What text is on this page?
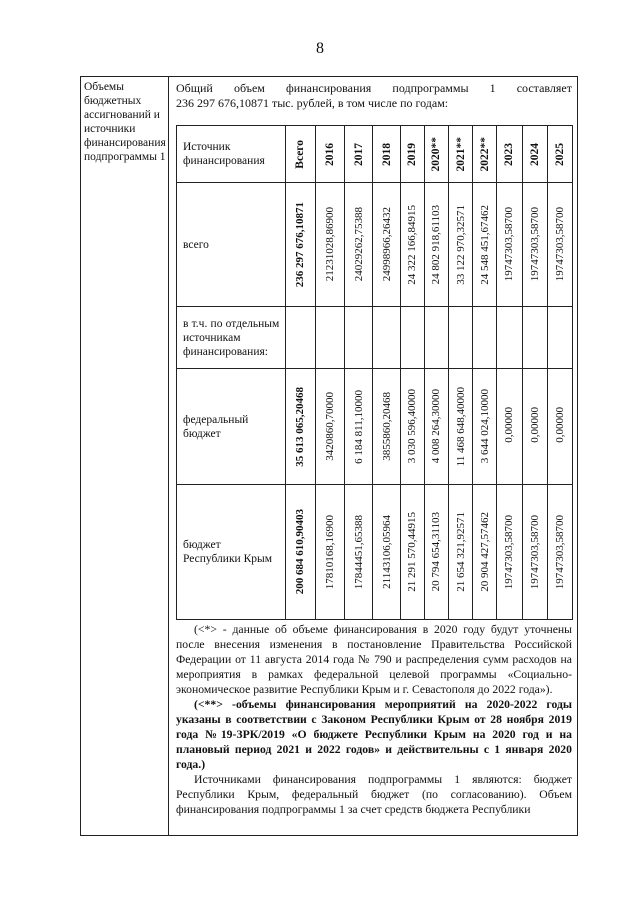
8
Объемы бюджетных ассигнований и источники финансирования подпрограммы 1
Общий объем финансирования подпрограммы 1 составляет
236 297 676,10871 тыс. рублей, в том числе по годам:
Источник финансирования	Всего	2016	2017	2018	2019	2020**	2021**	2022**	2023	2024	2025

всего	236 297 676,10871	21231028,86900	24029262,75388	24998966,26432	24 322 166,84915	24 802 918,61103	33 122 970,32571	24 548 451,67462	19747303,58700	19747303,58700	19747303,58700

в т.ч. по отдельным источникам финансирования:											
федеральный бюджет	35 613 065,20468	3420860,70000	6 184 811,10000	3855860,20468	3 030 596,40000	4 008 264,30000	11 468 648,40000	3 644 024,10000	0,00000	0,00000	0,00000

бюджет Республики Крым	200 684 610,90403	17810168,16900	17844451,65388	21143106,05964	21 291 570,44915	20 794 654,31103	21 654 321,92571	20 904 427,57462	19747303,58700	19747303,58700	19747303,58700

(<*> - данные об объеме финансирования в 2020 году будут уточнены после внесения изменения в постановление Правительства Российской Федерации от 11 августа 2014 года № 790 и распределения сумм расходов на мероприятия в рамках федеральной целевой программы «Социально-экономическое развитие Республики Крым и г. Севастополя до 2022 года»).

(<**> -объемы финансирования мероприятий на 2020-2022 годы указаны в соответствии с Законом Республики Крым от 28 ноября 2019 года №19-ЗРК/2019 «О бюджете Республики Крым на 2020 год и на плановый период 2021 и 2022 годов» и действительны с 1 января 2020 года.)

Источниками финансирования подпрограммы 1 являются: бюджет Республики Крым, федеральный бюджет (по согласованию). Объем финансирования подпрограммы 1 за счет средств бюджета Республики
